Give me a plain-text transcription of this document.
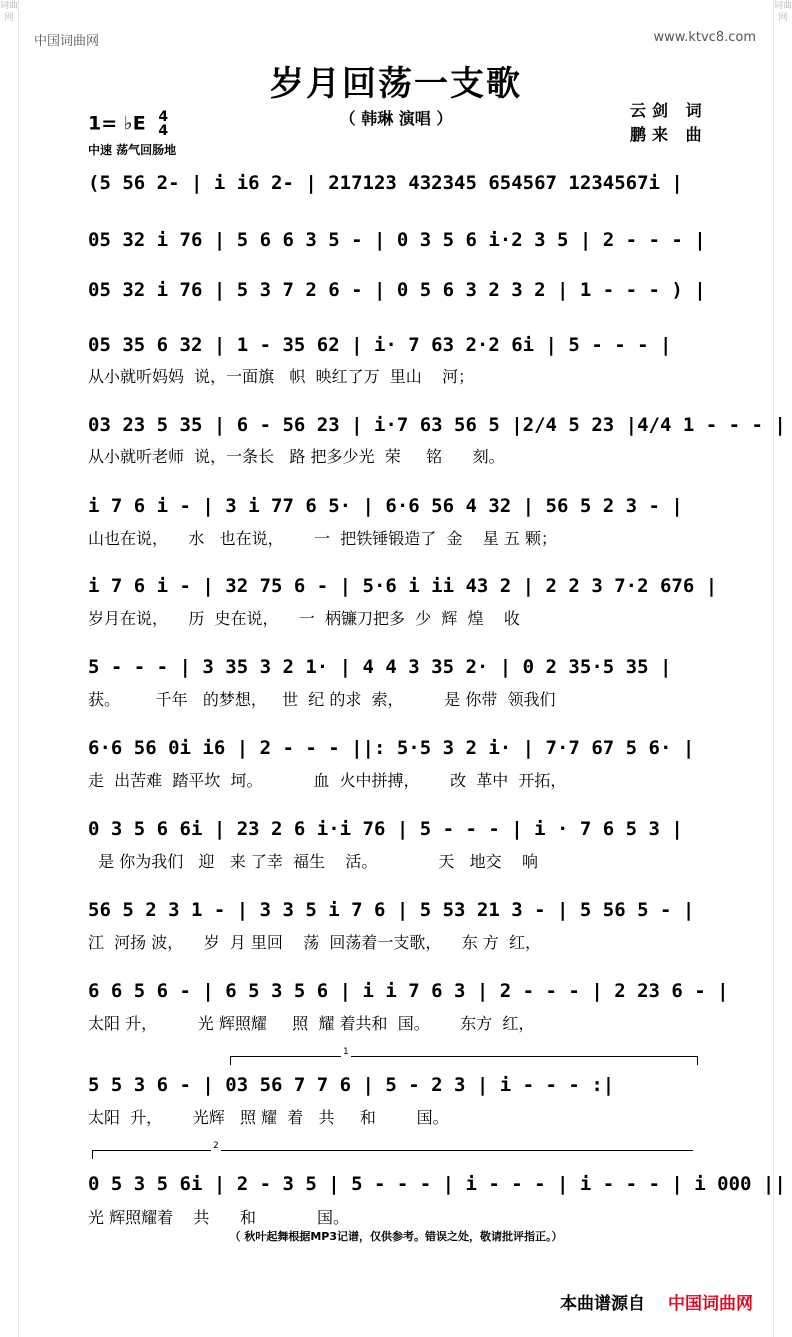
词曲网
词曲网
中国词曲网	www.ktvc8.com
岁月回荡一支歌
（ 韩琳 演唱 ）
1= ♭E 4
4
中速 荡气回肠地
云剑 词
鹏来 曲
(5 56 2- | i i6 2- | 217123 432345 654567 1234567i |
05 32 i 76 | 5 6 6 3 5 - | 0 3 5 6 i·2 3 5 | 2 - - - |
05 32 i 76 | 5 3 7 2 6 - | 0 5 6 3 2 3 2 | 1 - - - ) |
05 35 6 32 | 1 - 35 62 | i· 7 63 2·2 6i | 5 - - - |
从小就听妈妈  说，一面旗   帜  映红了万  里山    河；
03 23 5 35 | 6 - 56 23 | i·7 63 56 5 |2/4 5 23 |4/4 1 - - - |
从小就听老师  说，一条长   路 把多少光  荣     铭      刻。
i 7 6 i - | 3 i 77 6 5· | 6·6 56 4 32 | 56 5 2 3 - |
山也在说，    水   也在说，      一  把铁锤锻造了  金    星 五 颗；
i 7 6 i - | 32 75 6 - | 5·6 i ii 43 2 | 2 2 3 7·2 676 |
岁月在说，    历  史在说，    一  柄镰刀把多  少  辉  煌    收
5 - - - | 3 35 3 2 1· | 4 4 3 35 2· | 0 2 35·5 35 |
获。       千年   的梦想，   世  纪 的求  索，        是 你带  领我们
6·6 56 0i i6 | 2 - - - ||: 5·5 3 2 i· | 7·7 67 5 6· |
走  出苦难  踏平坎  坷。          血  火中拼搏，      改  革中  开拓，
0 3 5 6 6i | 23 2 6 i·i 76 | 5 - - - | i · 7 6 5 3 |
是 你为我们   迎   来 了幸  福生    活。            天   地交    响
56 5 2 3 1 - | 3 3 5 i 7 6 | 5 53 21 3 - | 5 56 5 - |
江  河扬 波，    岁  月 里回    荡  回荡着一支歌，    东 方  红，
6 6 5 6 - | 6 5 3 5 6 | i i 7 6 3 | 2 - - - | 2 23 6 - |
太阳 升，        光 辉照耀     照  耀 着共和  国。      东方  红，
1
5 5 3 6 - | 03 56 7 7 6 | 5 - 2 3 | i - - - :|
太阳  升，      光辉   照 耀  着   共     和        国。
2
0 5 3 5 6i | 2 - 3 5 | 5 - - - | i - - - | i - - - | i 000 ||
光 辉照耀着    共      和            国。
（ 秋叶起舞根据MP3记谱，仅供参考。错误之处，敬请批评指正。）
本曲谱源自 中国词曲网
